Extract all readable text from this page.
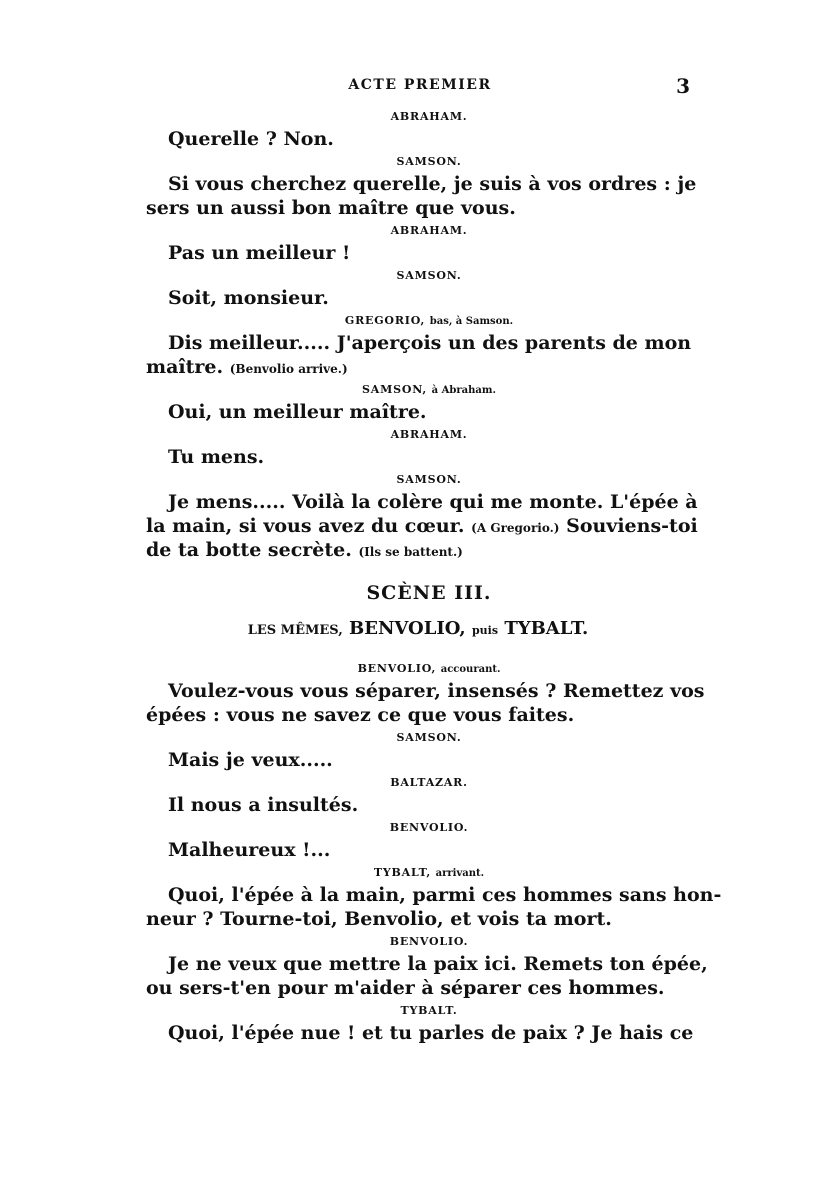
ACTE PREMIER	3
ABRAHAM.
Querelle ? Non.
SAMSON.
Si vous cherchez querelle, je suis à vos ordres : je
sers un aussi bon maître que vous.
ABRAHAM.
Pas un meilleur !
SAMSON.
Soit, monsieur.
GREGORIO, bas, à Samson.
Dis meilleur..... J'aperçois un des parents de mon
maître. (Benvolio arrive.)
SAMSON, à Abraham.
Oui, un meilleur maître.
ABRAHAM.
Tu mens.
SAMSON.
Je mens..... Voilà la colère qui me monte. L'épée à
la main, si vous avez du cœur. (A Gregorio.) Souviens-toi
de ta botte secrète. (Ils se battent.)
SCÈNE III.
LES MÊMES, BENVOLIO, puis TYBALT.
BENVOLIO, accourant.
Voulez-vous vous séparer, insensés ? Remettez vos
épées : vous ne savez ce que vous faites.
SAMSON.
Mais je veux.....
BALTAZAR.
Il nous a insultés.
BENVOLIO.
Malheureux !...
TYBALT, arrivant.
Quoi, l'épée à la main, parmi ces hommes sans hon-
neur ? Tourne-toi, Benvolio, et vois ta mort.
BENVOLIO.
Je ne veux que mettre la paix ici. Remets ton épée,
ou sers-t'en pour m'aider à séparer ces hommes.
TYBALT.
Quoi, l'épée nue ! et tu parles de paix ? Je hais ce
